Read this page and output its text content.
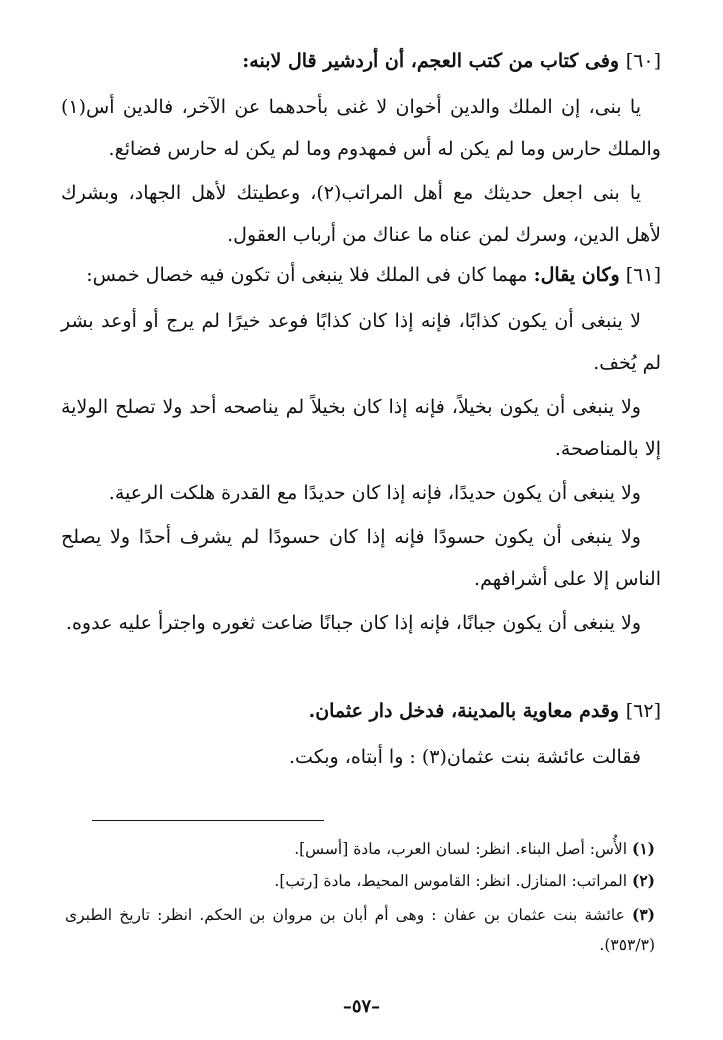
[٦٠] وفى كتاب من كتب العجم، أن أردشير قال لابنه:
يا بنى، إن الملك والدين أخوان لا غنى بأحدهما عن الآخر، فالدين أس(١) والملك حارس وما لم يكن له أس فمهدوم وما لم يكن له حارس فضائع.
يا بنى اجعل حديثك مع أهل المراتب(٢)، وعطيتك لأهل الجهاد، وبشرك لأهل الدين، وسرك لمن عناه ما عناك من أرباب العقول.
[٦١] وكان يقال: مهما كان فى الملك فلا ينبغى أن تكون فيه خصال خمس:
لا ينبغى أن يكون كذابًا، فإنه إذا كان كذابًا فوعد خيرًا لم يرج أو أوعد بشر لم يُخف.
ولا ينبغى أن يكون بخيلاً، فإنه إذا كان بخيلاً لم يناصحه أحد ولا تصلح الولاية إلا بالمناصحة.
ولا ينبغى أن يكون حديدًا، فإنه إذا كان حديدًا مع القدرة هلكت الرعية.
ولا ينبغى أن يكون حسودًا فإنه إذا كان حسودًا لم يشرف أحدًا ولا يصلح الناس إلا على أشرافهم.
ولا ينبغى أن يكون جبانًا، فإنه إذا كان جبانًا ضاعت ثغوره واجترأ عليه عدوه.
[٦٢] وقدم معاوية بالمدينة، فدخل دار عثمان.
فقالت عائشة بنت عثمان(٣) : وا أبتاه، وبكت.
(١) الأُس: أصل البناء. انظر: لسان العرب، مادة [أسس].
(٢) المراتب: المنازل. انظر: القاموس المحيط، مادة [رتب].
(٣) عائشة بنت عثمان بن عفان : وهى أم أبان بن مروان بن الحكم. انظر: تاريخ الطبرى (٣٥٣/٣).
–٥٧–
